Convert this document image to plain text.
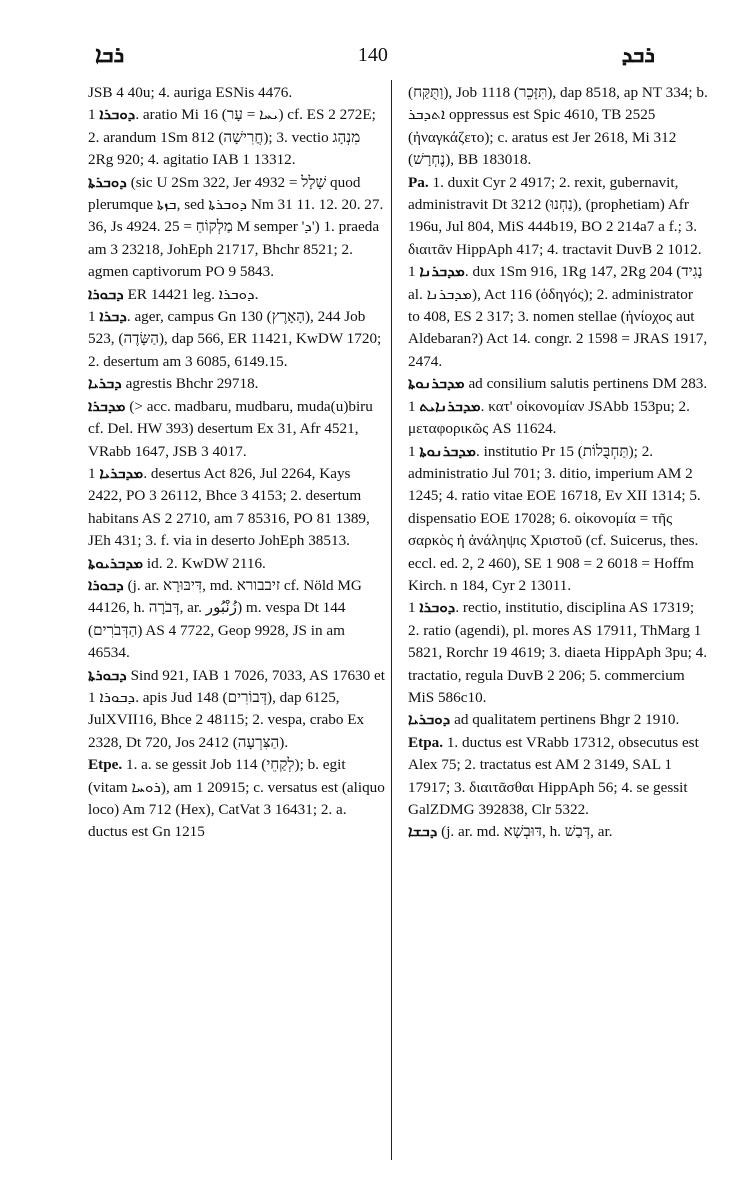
ܪܒܐ	140	ܪܒܕ

JSB 4 40u; 4. auriga ESNis 4476.

ܕܘܒܪܐ 1. aratio Mi 16 (ܝܚܐ = עָר) cf. ES 2 272E; 2. arandum 1Sm 812 (חֲרִישָׁה); 3. vectio מִנְהָג 2Rg 920; 4. agitatio IAB 1 13312.

ܕܘܒܪܬܐ (sic U 2Sm 322, Jer 4932 = שָׁלָל quod plerumque ܒܙܬܐ, sed ܕܘܒܪܬܐ Nm 31 11. 12. 20. 27. 36, Js 4924. 25 = מַלְקוֹחַ M semper 'ܕ') 1. praeda am 3 23218, JohEph 21717, Bhchr 8521; 2. agmen captivorum PO 9 5843.

ܕܒܘܪܐ ER 14421 leg. ܕܘܒܪܐ.

ܕܒܪܐ 1. ager, campus Gn 130 (הָאָרֶץ), 244 Job 523, (הַשָּׂדֶה), dap 566, ER 11421, KwDW 1720; 2. desertum am 3 6085, 6149.15.

ܕܒܪܝܐ agrestis Bhchr 29718.

ܡܕܒܪܐ (> acc. madbaru, mudbaru, muda(u)biru cf. Del. HW 393) desertum Ex 31, Afr 4521, VRabb 1647, JSB 3 4017.

ܡܕܒܪܝܐ 1. desertus Act 826, Jul 2264, Kays 2422, PO 3 26112, Bhce 3 4153; 2. desertum habitans AS 2 2710, am 7 85316, PO 81 1389, JEh 431; 3. f. via in deserto JohEph 38513.

ܡܕܒܪܝܘܬܐ id. 2. KwDW 2116.

ܕܒܘܪܐ (j. ar. דִּיבּוּרָא, md. זיבבורא cf. Nöld MG 44126, h. דְּבֹרָה, ar. زُنْبُور) m. vespa Dt 144 (הַדְּבֹרִים) AS 4 7722, Geop 9928, JS in am 46534.

ܕܒܘܪܬܐ Sind 921, IAB 1 7026, 7033, AS 17630 et ܕܒܘܪܐ 1. apis Jud 148 (דְּבוֹרִים), dap 6125, JulXVII16, Bhce 2 48115; 2. vespa, crabo Ex 2328, Dt 720, Jos 2412 (הַצִּרְעָה).

Etpe. 1. a. se gessit Job 114 (לְקַחֵי); b. egit (vitam ܪܘܚܐ), am 1 20915; c. versatus est (aliquo loco) Am 712 (Hex), CatVat 3 16431; 2. a. ductus est Gn 1215

(וַתֻּקַּח), Job 1118 (תִּזָּכֵר), dap 8518, ap NT 334; b. ܐܬܕܒܪ oppressus est Spic 4610, TB 2525 (ἠναγκάζετο); c. aratus est Jer 2618, Mi 312 (נֶחְרָשׁ), BB 183018.

Pa. 1. duxit Cyr 2 4917; 2. rexit, gubernavit, administravit Dt 3212 (נַחְנוּ), (prophetiam) Afr 196u, Jul 804, MiS 444b19, BO 2 214a7 a f.; 3. διαιτᾶν HippAph 417; 4. tractavit DuvB 2 1012.

ܡܕܒܪܢܐ 1. dux 1Sm 916, 1Rg 147, 2Rg 204 (נָגִיד al. ܡܕܒܪܢܐ), Act 116 (ὁδηγός); 2. administrator to 408, ES 2 317; 3. nomen stellae (ἡνίοχος aut Aldebaran?) Act 14. congr. 2 1598 = JRAS 1917, 2474.

ܡܕܒܪܢܘܬܐ ad consilium salutis pertinens DM 283.

ܡܕܒܪܢܐܝܬ 1. κατ' οἰκονομίαν JSAbb 153pu; 2. μεταφορικῶς AS 11624.

ܡܕܒܪܢܘܬܐ 1. institutio Pr 15 (תַּחְבֻּלוֹת); 2. administratio Jul 701; 3. ditio, imperium AM 2 1245; 4. ratio vitae EOE 16718, Ev XII 1314; 5. dispensatio EOE 17028; 6. οἰκονομία = τῆς σαρκὸς ἡ ἀνάληψις Χριστοῦ (cf. Suicerus, thes. eccl. ed. 2, 2 460), SE 1 908 = 2 6018 = Hoffm Kirch. n 184, Cyr 2 13011.

ܕܘܒܪܐ 1. rectio, institutio, disciplina AS 17319; 2. ratio (agendi), pl. mores AS 17911, ThMarg 1 5821, Rorchr 19 4619; 3. diaeta HippAph 3pu; 4. tractatio, regula DuvB 2 206; 5. commercium MiS 586c10.

ܕܘܒܪܝܐ ad qualitatem pertinens Bhgr 2 1910.

Etpa. 1. ductus est VRabb 17312, obsecutus est Alex 75; 2. tractatus est AM 2 3149, SAL 1 17917; 3. διαιτᾶσθαι HippAph 56; 4. se gessit GalZDMG 392838, Clr 5322.

ܕܒܫܐ (j. ar. md. דּוּבְשָׁא, h. דְּבַשׁ, ar.
